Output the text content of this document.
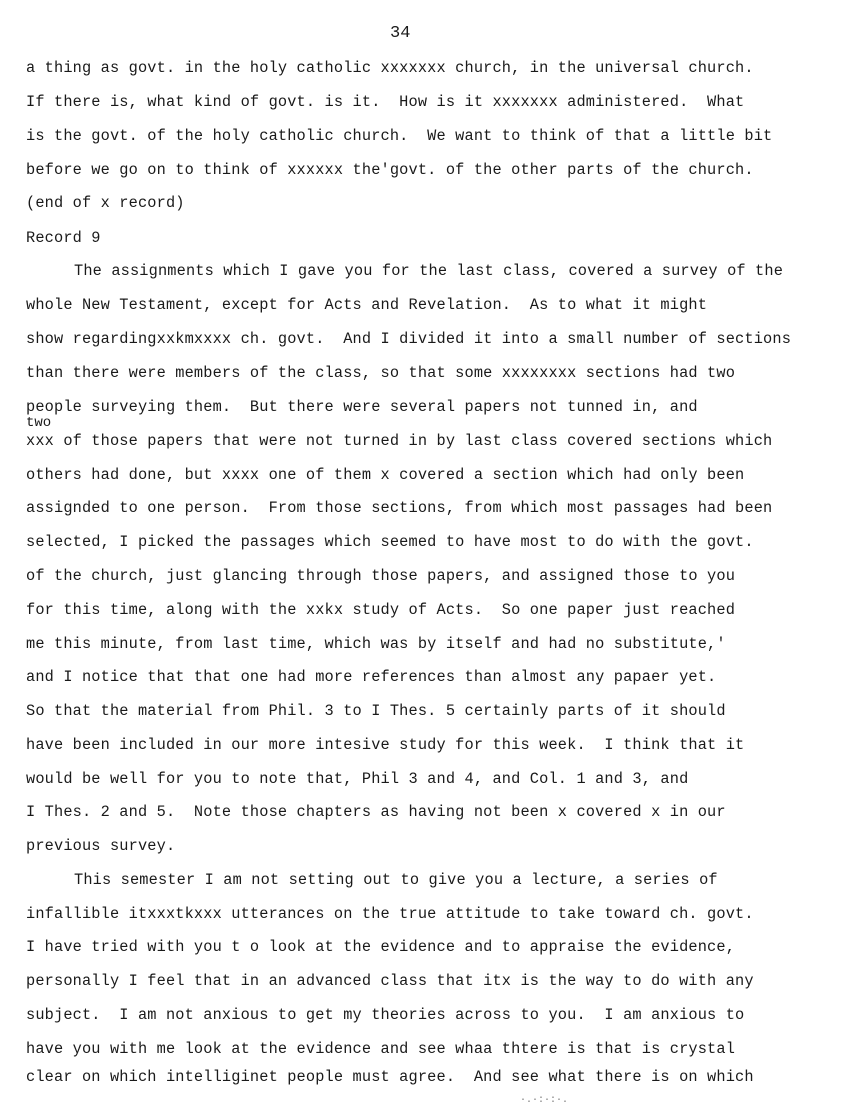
34
a thing as govt. in the holy catholic xxxxxxx church, in the universal church.
If there is, what kind of govt. is it.  How is it xxxxxxx administered.  What
is the govt. of the holy catholic church.  We want to think of that a little bit
before we go on to think of xxxxxx the'govt. of the other parts of the church.
(end of x record)
Record 9
The assignments which I gave you for the last class, covered a survey of the
whole New Testament, except for Acts and Revelation.  As to what it might
show regardingxxkmxxxx ch. govt.  And I divided it into a small number of sections
than there were members of the class, so that some xxxxxxxx sections had two
people surveying them.  But there were several papers not tunned in, and
two
xxx of those papers that were not turned in by last class covered sections which
others had done, but xxxx one of them x covered a section which had only been
assignded to one person.  From those sections, from which most passages had been
selected, I picked the passages which seemed to have most to do with the govt.
of the church, just glancing through those papers, and assigned those to you
for this time, along with the xxkx study of Acts.  So one paper just reached
me this minute, from last time, which was by itself and had no substitute,'
and I notice that that one had more references than almost any papaer yet.
So that the material from Phil. 3 to I Thes. 5 certainly parts of it should
have been included in our more intesive study for this week.  I think that it
would be well for you to note that, Phil 3 and 4, and Col. 1 and 3, and
I Thes. 2 and 5.  Note those chapters as having not been x covered x in our
previous survey.
This semester I am not setting out to give you a lecture, a series of
infallible itxxxtkxxx utterances on the true attitude to take toward ch. govt.
I have tried with you t o look at the evidence and to appraise the evidence,
personally I feel that in an advanced class that itx is the way to do with any
subject.  I am not anxious to get my theories across to you.  I am anxious to
have you with me look at the evidence and see whaa thtere is that is crystal
clear on which intelliginet people must agree.  And see what there is on which
·.·:·:·.
